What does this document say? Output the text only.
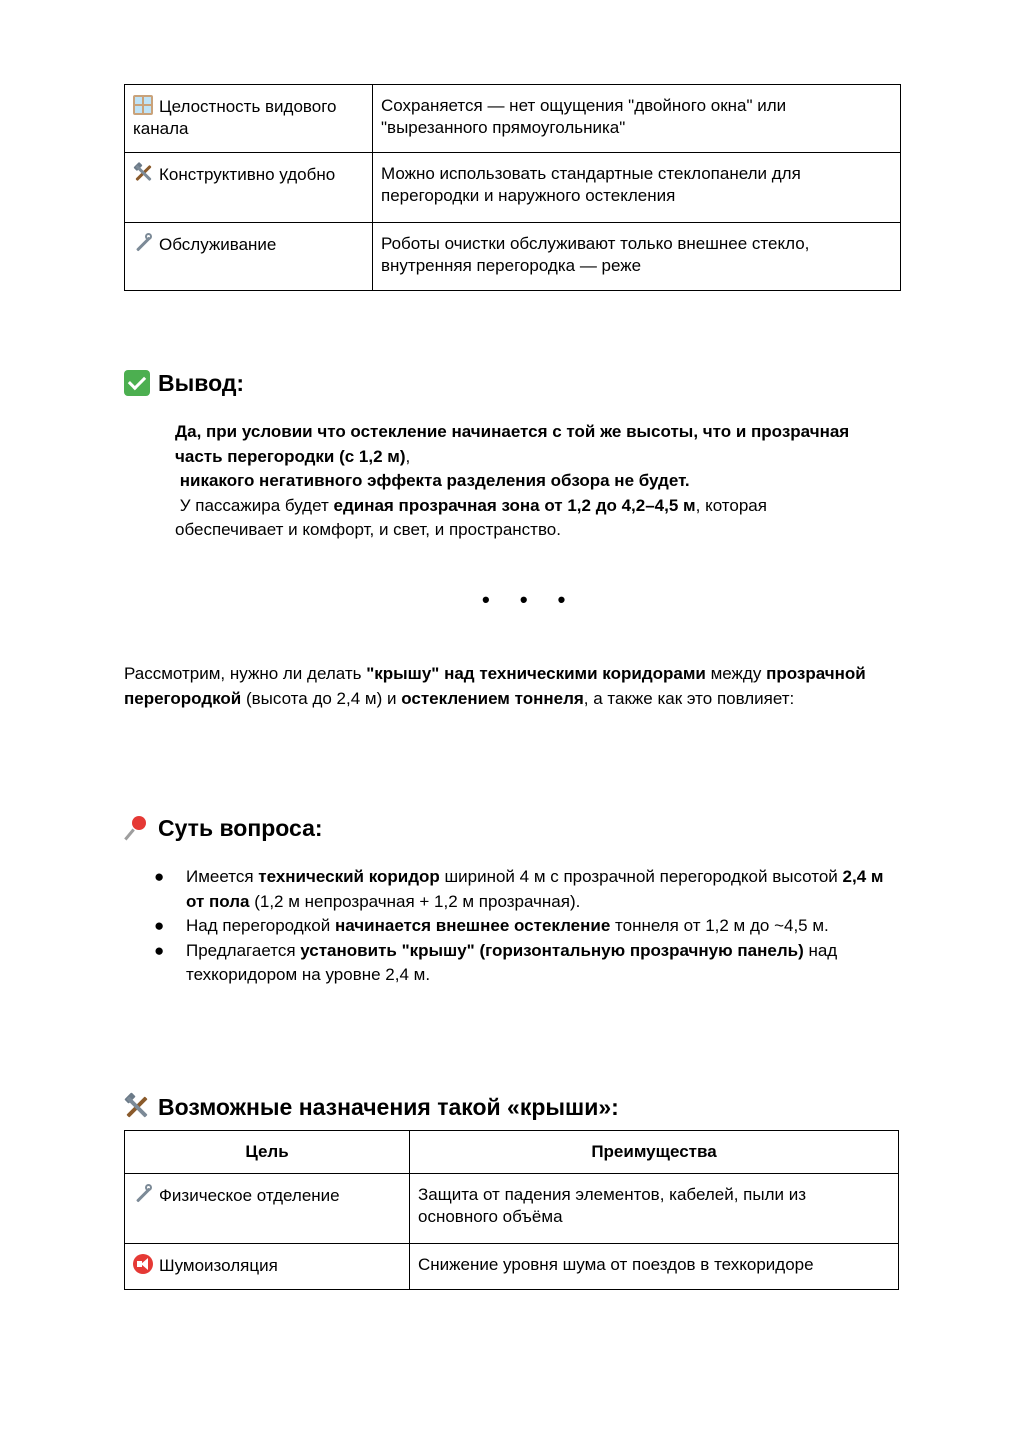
Целостность видового канала	Сохраняется — нет ощущения "двойного окна" или "вырезанного прямоугольника"

Конструктивно удобно	Можно использовать стандартные стеклопанели для перегородки и наружного остекления
Обслуживание	Роботы очистки обслуживают только внешнее стекло, внутренняя перегородка — реже
Вывод:
Да, при условии что остекление начинается с той же высоты, что и прозрачная часть перегородки (с 1,2 м),
никакого негативного эффекта разделения обзора не будет.
У пассажира будет единая прозрачная зона от 1,2 до 4,2–4,5 м, которая обеспечивает и комфорт, и свет, и пространство.
• • •
Рассмотрим, нужно ли делать "крышу" над техническими коридорами между прозрачной перегородкой (высота до 2,4 м) и остеклением тоннеля, а также как это повлияет:
Суть вопроса:
● Имеется технический коридор шириной 4 м с прозрачной перегородкой высотой 2,4 м от пола (1,2 м непрозрачная + 1,2 м прозрачная).
● Над перегородкой начинается внешнее остекление тоннеля от 1,2 м до ~4,5 м.
● Предлагается установить "крышу" (горизонтальную прозрачную панель) над техкоридором на уровне 2,4 м.
Возможные назначения такой «крыши»:
Цель	Преимущества
Физическое отделение	Защита от падения элементов, кабелей, пыли из основного объёма
Шумоизоляция	Снижение уровня шума от поездов в техкоридоре
